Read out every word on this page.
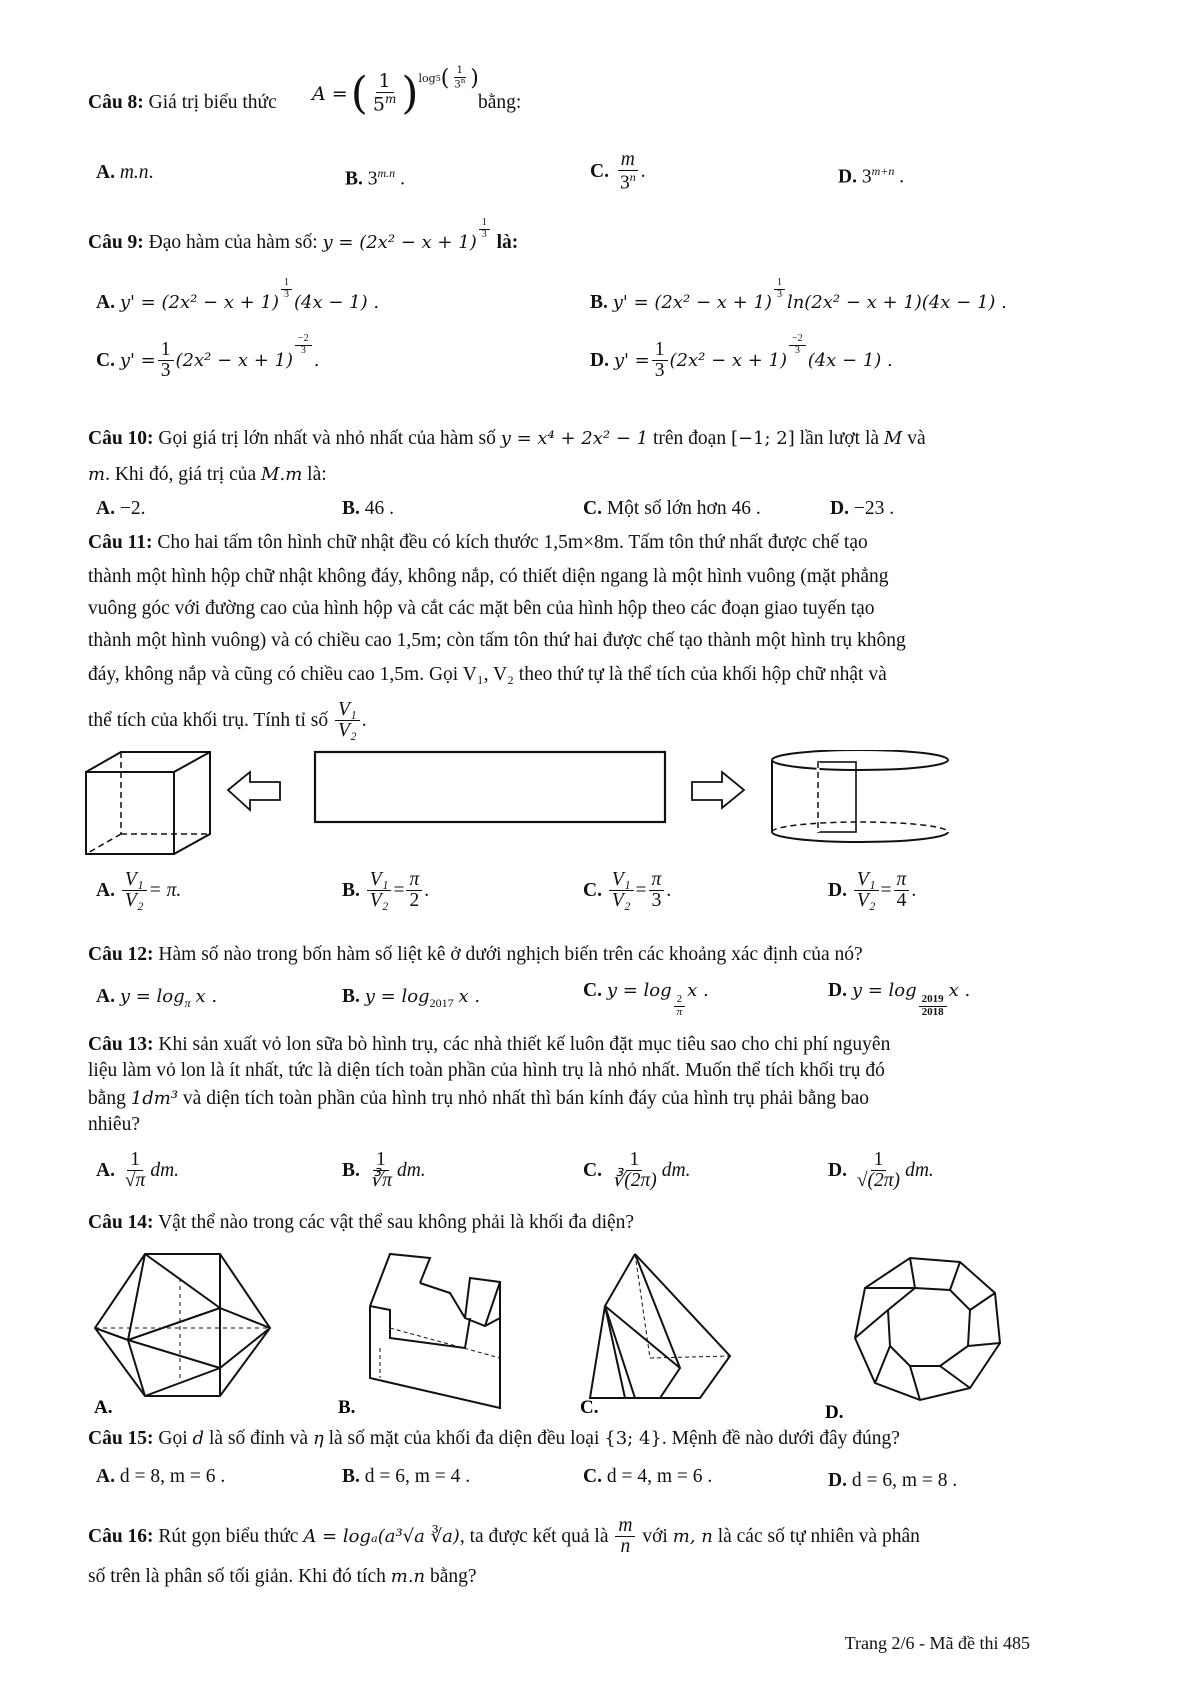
Câu 8: Giá trị biểu thức A = ( $\frac{1}{5^m}$ ) log 5 ( $\frac{1}{3^n}$ )
bằng:
A. m.n.	B. $3^{m.n}$ .	C. $\frac{m}{3^n}$ .	D. $3^{m+n}$ .
Câu 9:
Đạo hàm của hàm số:
y = (2x² − x + 1)
$\frac{1}{3}$

là:
A.
y' = (2x² − x + 1)
$\frac{1}{3}$
(4x − 1) .	B.
y' = (2x² − x + 1)
$\frac{1}{3}$
ln(2x² − x + 1)(4x − 1) .
C.
$y' = \frac{1}{3} (2x^2 - x + 1)$
$\frac{-2}{3}$
.	D.
$y' = \frac{1}{3} (2x^2 - x + 1)$
$\frac{-2}{3}$
(4x − 1) .
Câu 10: Gọi giá trị lớn nhất và nhỏ nhất của hàm số y = x⁴ + 2x² − 1 trên đoạn [−1; 2] lần lượt là M và
m. Khi đó, giá trị của M.m là:
A. −2.	B. 46 .	C. Một số lớn hơn 46 .	D. −23 .
Câu 11: Cho hai tấm tôn hình chữ nhật đều có kích thước 1,5m×8m. Tấm tôn thứ nhất được chế tạo
thành một hình hộp chữ nhật không đáy, không nắp, có thiết diện ngang là một hình vuông (mặt phẳng
vuông góc với đường cao của hình hộp và cắt các mặt bên của hình hộp theo các đoạn giao tuyến tạo
thành một hình vuông) và có chiều cao 1,5m; còn tấm tôn thứ hai được chế tạo thành một hình trụ không
đáy, không nắp và cũng có chiều cao 1,5m. Gọi V₁, V₂ theo thứ tự là thể tích của khối hộp chữ nhật và
thể tích của khối trụ. Tính tỉ số
$\frac{\text{V₁}}{\text{V₂}}$ .
A.
$\frac{\text{V₁}}{\text{V₂}} = \pi$.	B.
$\frac{\text{V₁}}{\text{V₂}} = \frac{\pi}{2}$ .	C.
$\frac{\text{V₁}}{\text{V₂}} = \frac{\pi}{3}$ .	D.
$\frac{\text{V₁}}{\text{V₂}} = \frac{\pi}{4}$ .
Câu 12: Hàm số nào trong bốn hàm số liệt kê ở dưới nghịch biến trên các khoảng xác định của nó?
A. $y = \log_\pi x$ .	B. $y = \log_{2017} x$ .	C.
y = log
$\frac{2}{\pi}$
x .	D.
y = log
$\frac{2019}{2018}$
x .
Câu 13: Khi sản xuất vỏ lon sữa bò hình trụ, các nhà thiết kế luôn đặt mục tiêu sao cho chi phí nguyên
liệu làm vỏ lon là ít nhất, tức là diện tích toàn phần của hình trụ là nhỏ nhất. Muốn thể tích khối trụ đó
bằng 1dm³ và diện tích toàn phần của hình trụ nhỏ nhất thì bán kính đáy của hình trụ phải bằng bao
nhiêu?
A.
$\frac{1}{√\pi}$ dm.	B.
$\frac{1}{∛\pi}$ dm.	C.
$\frac{1}{∛(2\pi)}$ dm.	D.
$\frac{1}{√(2\pi)}$ dm.
Câu 14: Vật thể nào trong các vật thể sau không phải là khối đa diện?
A.	B.	C.	D.
Câu 15: Gọi d là số đỉnh và η là số mặt của khối đa diện đều loại {3; 4}. Mệnh đề nào dưới đây đúng?
A. d = 8, m = 6 .	B. d = 6, m = 4 .	C. d = 4, m = 6 .	D. d = 6, m = 8 .
Câu 16:
Rút gọn biểu thức
A = logₐ(a³√a ∛a) , ta được kết quả là
$\frac{m}{n}$
với
m, n
là các số tự nhiên và phân
số trên là phân số tối giản. Khi đó tích m.n bằng?
Trang 2/6 - Mã đề thi 485
